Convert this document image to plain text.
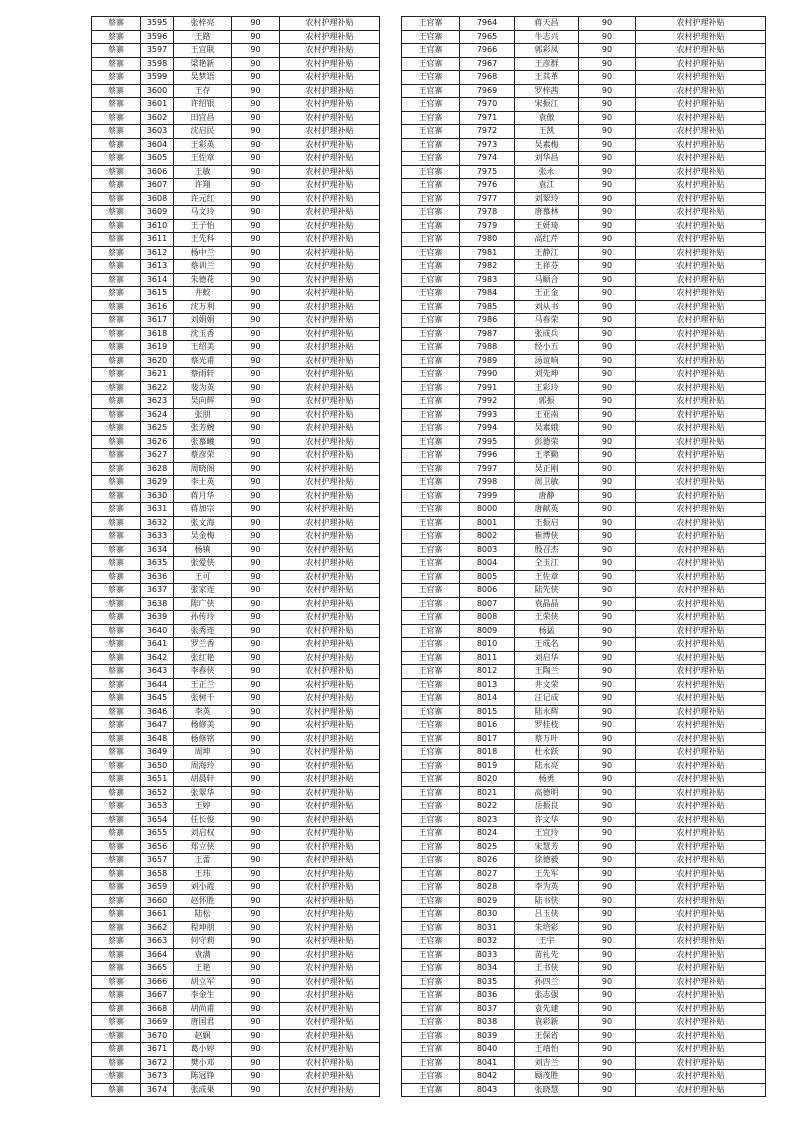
蔡寨	3595	张梓亮	90	农村护理补贴
蔡寨	3596	王路	90	农村护理补贴
蔡寨	3597	王宜联	90	农村护理补贴
蔡寨	3598	梁艳新	90	农村护理补贴
蔡寨	3599	吴梦语	90	农村护理补贴
蔡寨	3600	王存	90	农村护理补贴
蔡寨	3601	许绍银	90	农村护理补贴
蔡寨	3602	田宜昌	90	农村护理补贴
蔡寨	3603	沈启民	90	农村护理补贴
蔡寨	3604	王彩英	90	农村护理补贴
蔡寨	3605	王佐章	90	农村护理补贴
蔡寨	3606	王敏	90	农村护理补贴
蔡寨	3607	许翔	90	农村护理补贴
蔡寨	3608	许元红	90	农村护理补贴
蔡寨	3609	马文玲	90	农村护理补贴
蔡寨	3610	王子怡	90	农村护理补贴
蔡寨	3611	王先科	90	农村护理补贴
蔡寨	3612	杨中兰	90	农村护理补贴
蔡寨	3613	蔡训兰	90	农村护理补贴
蔡寨	3614	朱德花	90	农村护理补贴
蔡寨	3615	井蛟	90	农村护理补贴
蔡寨	3616	沈万利	90	农村护理补贴
蔡寨	3617	刘娟娟	90	农村护理补贴
蔡寨	3618	沈玉香	90	农村护理补贴
蔡寨	3619	王绍美	90	农村护理补贴
蔡寨	3620	蔡光甫	90	农村护理补贴
蔡寨	3621	蔡雨轩	90	农村护理补贴
蔡寨	3622	裴为英	90	农村护理补贴
蔡寨	3623	吴向辉	90	农村护理补贴
蔡寨	3624	张朋	90	农村护理补贴
蔡寨	3625	张芳婉	90	农村护理补贴
蔡寨	3626	张慕曦	90	农村护理补贴
蔡寨	3627	蔡彦荣	90	农村护理补贴
蔡寨	3628	周晓阁	90	农村护理补贴
蔡寨	3629	李士英	90	农村护理补贴
蔡寨	3630	蒋月华	90	农村护理补贴
蔡寨	3631	蒋加宗	90	农村护理补贴
蔡寨	3632	张文海	90	农村护理补贴
蔡寨	3633	吴金梅	90	农村护理补贴
蔡寨	3634	杨镇	90	农村护理补贴
蔡寨	3635	张爱侠	90	农村护理补贴
蔡寨	3636	王可	90	农村护理补贴
蔡寨	3637	张家连	90	农村护理补贴
蔡寨	3638	陈广侠	90	农村护理补贴
蔡寨	3639	孙传玲	90	农村护理补贴
蔡寨	3640	张秀连	90	农村护理补贴
蔡寨	3641	罗兰香	90	农村护理补贴
蔡寨	3642	张红艳	90	农村护理补贴
蔡寨	3643	李春侠	90	农村护理补贴
蔡寨	3644	王正兰	90	农村护理补贴
蔡寨	3645	张树千	90	农村护理补贴
蔡寨	3646	李英	90	农村护理补贴
蔡寨	3647	杨修美	90	农村护理补贴
蔡寨	3648	杨修铭	90	农村护理补贴
蔡寨	3649	周坤	90	农村护理补贴
蔡寨	3650	周海玲	90	农村护理补贴
蔡寨	3651	胡晨轩	90	农村护理补贴
蔡寨	3652	张翠华	90	农村护理补贴
蔡寨	3653	王婷	90	农村护理补贴
蔡寨	3654	任长俊	90	农村护理补贴
蔡寨	3655	刘启权	90	农村护理补贴
蔡寨	3656	郑立侠	90	农村护理补贴
蔡寨	3657	王蕾	90	农村护理补贴
蔡寨	3658	王玮	90	农村护理补贴
蔡寨	3659	刘小霞	90	农村护理补贴
蔡寨	3660	赵怀胜	90	农村护理补贴
蔡寨	3661	陆松	90	农村护理补贴
蔡寨	3662	程坤朋	90	农村护理补贴
蔡寨	3663	何守莉	90	农村护理补贴
蔡寨	3664	袁满	90	农村护理补贴
蔡寨	3665	王艳	90	农村护理补贴
蔡寨	3666	胡立军	90	农村护理补贴
蔡寨	3667	李金生	90	农村护理补贴
蔡寨	3668	胡尚甫	90	农村护理补贴
蔡寨	3669	唐国君	90	农村护理补贴
蔡寨	3670	赵娴	90	农村护理补贴
蔡寨	3671	葛小婷	90	农村护理补贴
蔡寨	3672	樊小邓	90	农村护理补贴
蔡寨	3673	陈冠铮	90	农村护理补贴
蔡寨	3674	张成果	90	农村护理补贴
王官寨	7964	蒋天昌	90	农村护理补贴
王官寨	7965	牛志兴	90	农村护理补贴
王官寨	7966	郭彩凤	90	农村护理补贴
王官寨	7967	王彦群	90	农村护理补贴
王官寨	7968	王其革	90	农村护理补贴
王官寨	7969	罗梓茜	90	农村护理补贴
王官寨	7970	宋振江	90	农村护理补贴
王官寨	7971	袁傲	90	农村护理补贴
王官寨	7972	王凯	90	农村护理补贴
王官寨	7973	吴素梅	90	农村护理补贴
王官寨	7974	刘华昌	90	农村护理补贴
王官寨	7975	张永	90	农村护理补贴
王官寨	7976	袁江	90	农村护理补贴
王官寨	7977	刘翠玲	90	农村护理补贴
王官寨	7978	唐慕林	90	农村护理补贴
王官寨	7979	王妍琦	90	农村护理补贴
王官寨	7980	高红芹	90	农村护理补贴
王官寨	7981	王静江	90	农村护理补贴
王官寨	7982	王祥芬	90	农村护理补贴
王官寨	7983	马顺合	90	农村护理补贴
王官寨	7984	王正金	90	农村护理补贴
王官寨	7985	刘从书	90	农村护理补贴
王官寨	7986	马春荣	90	农村护理补贴
王官寨	7987	张成兵	90	农村护理补贴
王官寨	7988	经小五	90	农村护理补贴
王官寨	7989	汤谊响	90	农村护理补贴
王官寨	7990	刘先坤	90	农村护理补贴
王官寨	7991	王彩玲	90	农村护理补贴
王官寨	7992	郭振	90	农村护理补贴
王官寨	7993	王亚南	90	农村护理补贴
王官寨	7994	吴素娥	90	农村护理补贴
王官寨	7995	彭德荣	90	农村护理补贴
王官寨	7996	王孝勤	90	农村护理补贴
王官寨	7997	吴正刚	90	农村护理补贴
王官寨	7998	周卫敏	90	农村护理补贴
王官寨	7999	唐静	90	农村护理补贴
王官寨	8000	唐献英	90	农村护理补贴
王官寨	8001	王振启	90	农村护理补贴
王官寨	8002	崔博侠	90	农村护理补贴
王官寨	8003	殷召杰	90	农村护理补贴
王官寨	8004	仝玉江	90	农村护理补贴
王官寨	8005	王佐章	90	农村护理补贴
王官寨	8006	陆先侠	90	农村护理补贴
王官寨	8007	袁晶晶	90	农村护理补贴
王官寨	8008	王荣侠	90	农村护理补贴
王官寨	8009	杨猛	90	农村护理补贴
王官寨	8010	王成名	90	农村护理补贴
王官寨	8011	刘启华	90	农村护理补贴
王官寨	8012	王陶兰	90	农村护理补贴
王官寨	8013	井文荣	90	农村护理补贴
王官寨	8014	汪记成	90	农村护理补贴
王官寨	8015	陆永辉	90	农村护理补贴
王官寨	8016	罗桂枝	90	农村护理补贴
王官寨	8017	蔡万叶	90	农村护理补贴
王官寨	8018	杜永跃	90	农村护理补贴
王官寨	8019	陆永亮	90	农村护理补贴
王官寨	8020	杨勇	90	农村护理补贴
王官寨	8021	高德明	90	农村护理补贴
王官寨	8022	岳振良	90	农村护理补贴
王官寨	8023	许文华	90	农村护理补贴
王官寨	8024	王宜玲	90	农村护理补贴
王官寨	8025	宋慧芳	90	农村护理补贴
王官寨	8026	徐德毅	90	农村护理补贴
王官寨	8027	王先军	90	农村护理补贴
王官寨	8028	李为英	90	农村护理补贴
王官寨	8029	陆书侠	90	农村护理补贴
王官寨	8030	吕玉侠	90	农村护理补贴
王官寨	8031	朱培彩	90	农村护理补贴
王官寨	8032	王宇	90	农村护理补贴
王官寨	8033	苗礼先	90	农村护理补贴
王官寨	8034	王书侠	90	农村护理补贴
王官寨	8035	孙四兰	90	农村护理补贴
王官寨	8036	张志强	90	农村护理补贴
王官寨	8037	袁先建	90	农村护理补贴
王官寨	8038	袁彩新	90	农村护理补贴
王官寨	8039	王保省	90	农村护理补贴
王官寨	8040	王靖怡	90	农村护理补贴
王官寨	8041	刘吉兰	90	农村护理补贴
王官寨	8042	顾茂胜	90	农村护理补贴
王官寨	8043	张晓慧	90	农村护理补贴
